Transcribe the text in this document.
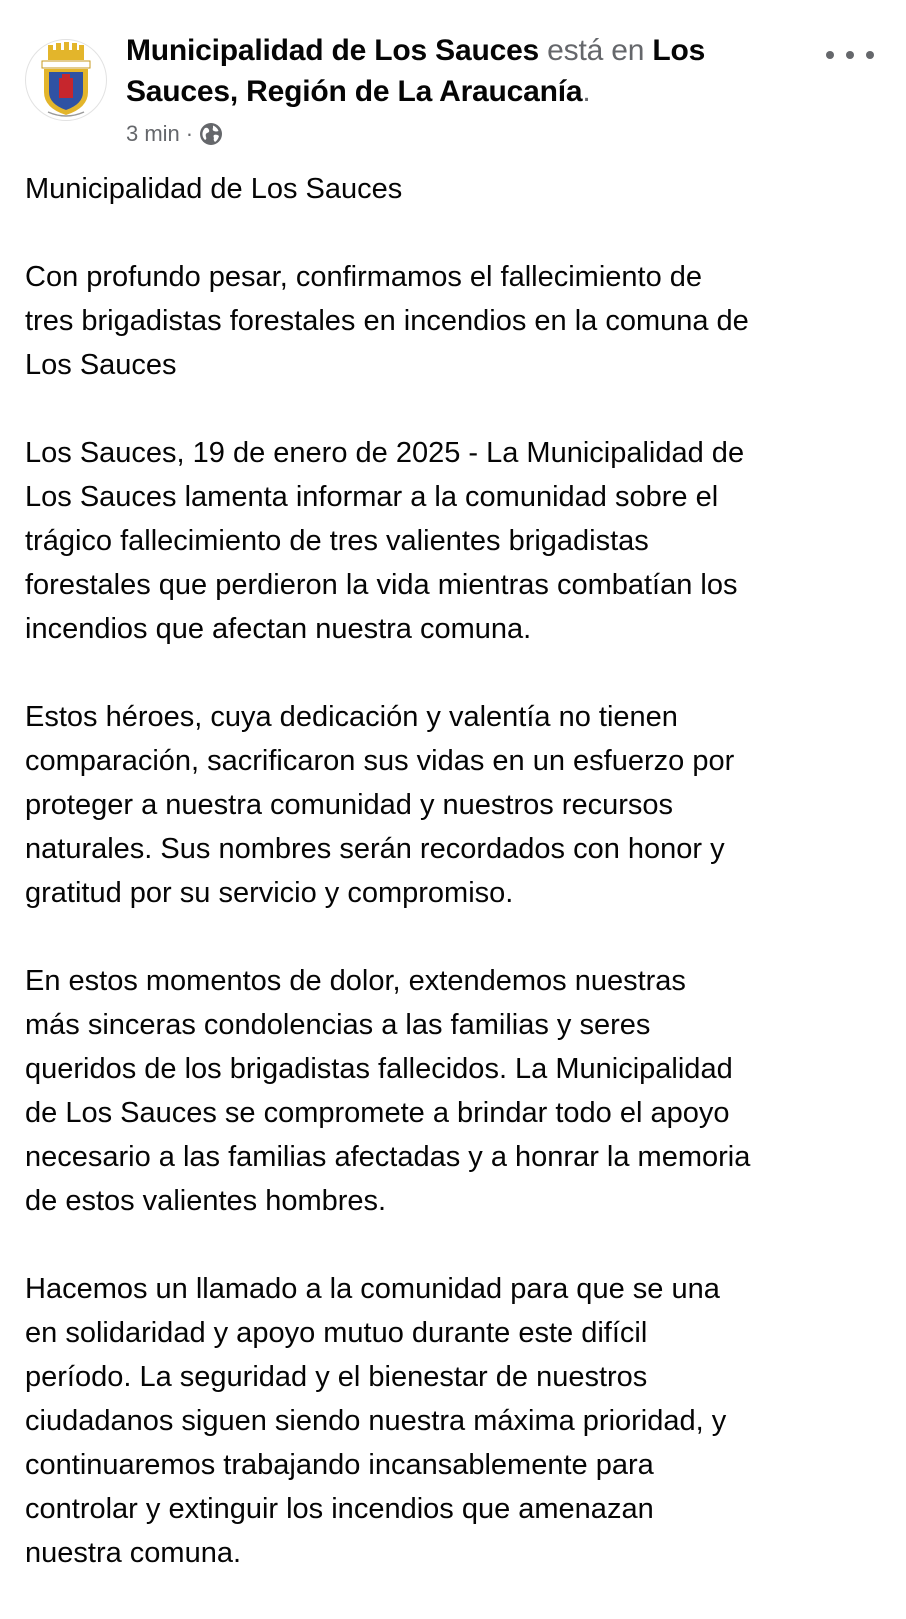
Municipalidad de Los Sauces está en Los Sauces, Región de La Araucanía.
3 min ·

Municipalidad de Los Sauces

Con profundo pesar, confirmamos el fallecimiento de
tres brigadistas forestales en incendios en la comuna de
Los Sauces

Los Sauces, 19 de enero de 2025 - La Municipalidad de
Los Sauces lamenta informar a la comunidad sobre el
trágico fallecimiento de tres valientes brigadistas
forestales que perdieron la vida mientras combatían los
incendios que afectan nuestra comuna.

Estos héroes, cuya dedicación y valentía no tienen
comparación, sacrificaron sus vidas en un esfuerzo por
proteger a nuestra comunidad y nuestros recursos
naturales. Sus nombres serán recordados con honor y
gratitud por su servicio y compromiso.

En estos momentos de dolor, extendemos nuestras
más sinceras condolencias a las familias y seres
queridos de los brigadistas fallecidos. La Municipalidad
de Los Sauces se compromete a brindar todo el apoyo
necesario a las familias afectadas y a honrar la memoria
de estos valientes hombres.

Hacemos un llamado a la comunidad para que se una
en solidaridad y apoyo mutuo durante este difícil
período. La seguridad y el bienestar de nuestros
ciudadanos siguen siendo nuestra máxima prioridad, y
continuaremos trabajando incansablemente para
controlar y extinguir los incendios que amenazan
nuestra comuna.
